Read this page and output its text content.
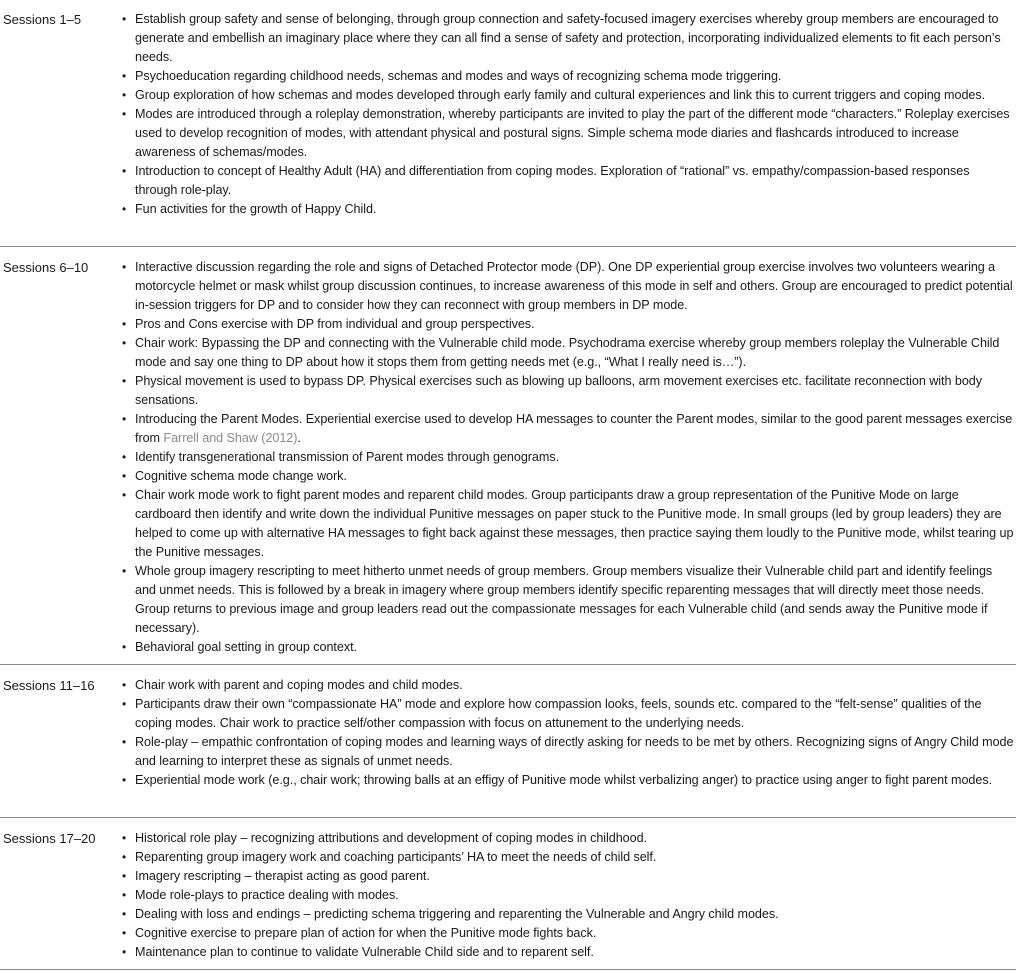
Sessions 1–5	• Establish group safety and sense of belonging, through group connection and safety-focused imagery exercises whereby group members are encouraged to generate and embellish an imaginary place where they can all find a sense of safety and protection, incorporating individualized elements to fit each person’s needs.
• Psychoeducation regarding childhood needs, schemas and modes and ways of recognizing schema mode triggering.
• Group exploration of how schemas and modes developed through early family and cultural experiences and link this to current triggers and coping modes.
• Modes are introduced through a roleplay demonstration, whereby participants are invited to play the part of the different mode “characters.” Roleplay exercises used to develop recognition of modes, with attendant physical and postural signs. Simple schema mode diaries and flashcards introduced to increase awareness of schemas/modes.
• Introduction to concept of Healthy Adult (HA) and differentiation from coping modes. Exploration of “rational” vs. empathy/compassion-based responses through role-play.
• Fun activities for the growth of Happy Child.
Sessions 6–10	• Interactive discussion regarding the role and signs of Detached Protector mode (DP). One DP experiential group exercise involves two volunteers wearing a motorcycle helmet or mask whilst group discussion continues, to increase awareness of this mode in self and others. Group are encouraged to predict potential in-session triggers for DP and to consider how they can reconnect with group members in DP mode.
• Pros and Cons exercise with DP from individual and group perspectives.
• Chair work: Bypassing the DP and connecting with the Vulnerable child mode. Psychodrama exercise whereby group members roleplay the Vulnerable Child mode and say one thing to DP about how it stops them from getting needs met (e.g., “What I really need is…”).
• Physical movement is used to bypass DP. Physical exercises such as blowing up balloons, arm movement exercises etc. facilitate reconnection with body sensations.
• Introducing the Parent Modes. Experiential exercise used to develop HA messages to counter the Parent modes, similar to the good parent messages exercise from Farrell and Shaw (2012).
• Identify transgenerational transmission of Parent modes through genograms.
• Cognitive schema mode change work.
• Chair work mode work to fight parent modes and reparent child modes. Group participants draw a group representation of the Punitive Mode on large cardboard then identify and write down the individual Punitive messages on paper stuck to the Punitive mode. In small groups (led by group leaders) they are helped to come up with alternative HA messages to fight back against these messages, then practice saying them loudly to the Punitive mode, whilst tearing up the Punitive messages.
• Whole group imagery rescripting to meet hitherto unmet needs of group members. Group members visualize their Vulnerable child part and identify feelings and unmet needs. This is followed by a break in imagery where group members identify specific reparenting messages that will directly meet those needs. Group returns to previous image and group leaders read out the compassionate messages for each Vulnerable child (and sends away the Punitive mode if necessary).
• Behavioral goal setting in group context.
Sessions 11–16 • Chair work with parent and coping modes and child modes.
• Participants draw their own “compassionate HA” mode and explore how compassion looks, feels, sounds etc. compared to the “felt-sense” qualities of the coping modes. Chair work to practice self/other compassion with focus on attunement to the underlying needs.
• Role-play – empathic confrontation of coping modes and learning ways of directly asking for needs to be met by others. Recognizing signs of Angry Child mode and learning to interpret these as signals of unmet needs.
• Experiential mode work (e.g., chair work; throwing balls at an effigy of Punitive mode whilst verbalizing anger) to practice using anger to fight parent modes.
Sessions 17–20 • Historical role play – recognizing attributions and development of coping modes in childhood.
• Reparenting group imagery work and coaching participants’ HA to meet the needs of child self.
• Imagery rescripting – therapist acting as good parent.
• Mode role-plays to practice dealing with modes.
• Dealing with loss and endings – predicting schema triggering and reparenting the Vulnerable and Angry child modes.
• Cognitive exercise to prepare plan of action for when the Punitive mode fights back.
• Maintenance plan to continue to validate Vulnerable Child side and to reparent self.
